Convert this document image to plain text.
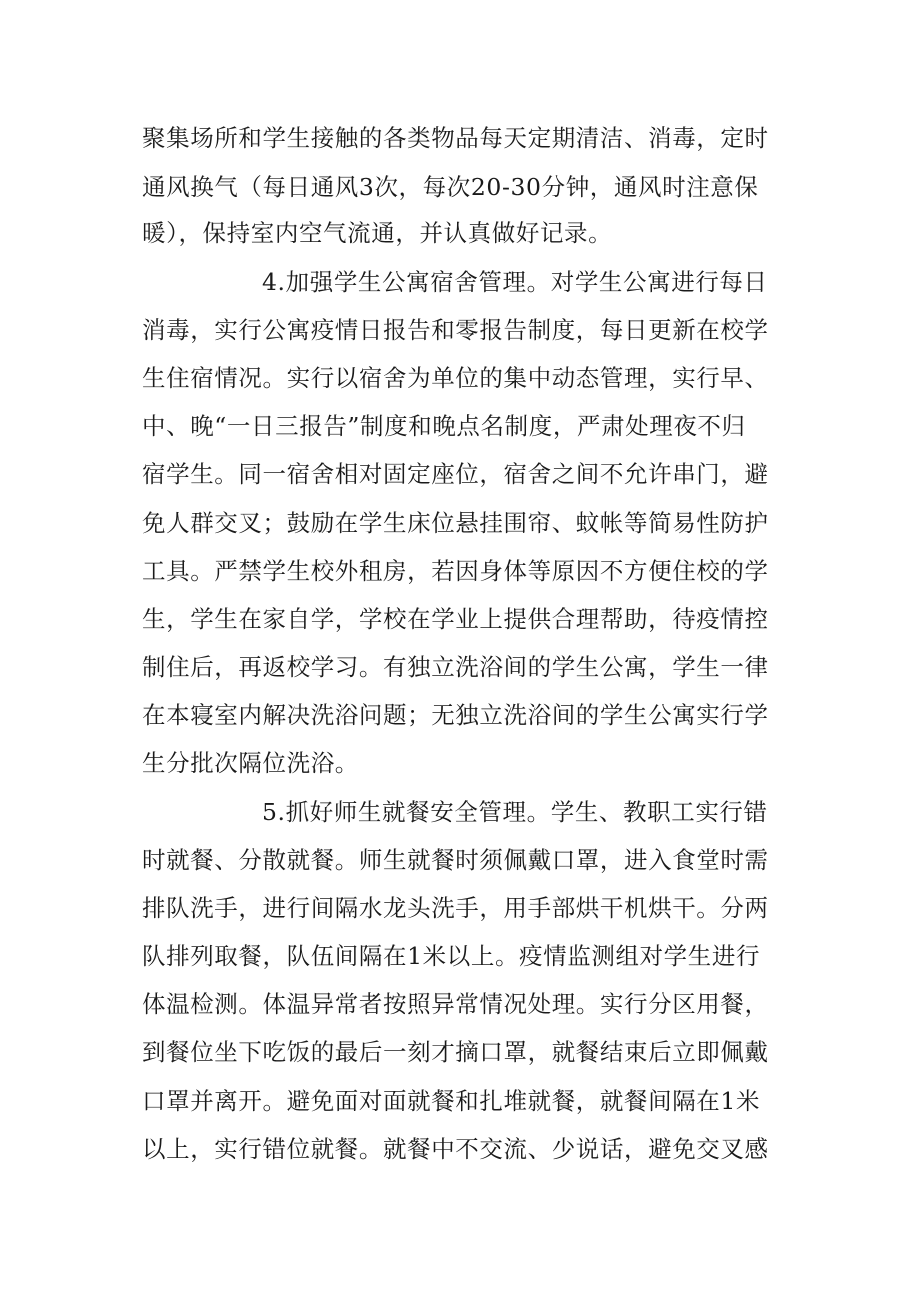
聚集场所和学生接触的各类物品每天定期清洁、消毒，定时
通风换气（每日通风3次，每次20-30分钟，通风时注意保
暖），保持室内空气流通，并认真做好记录。
4.加强学生公寓宿舍管理。对学生公寓进行每日
消毒，实行公寓疫情日报告和零报告制度，每日更新在校学
生住宿情况。实行以宿舍为单位的集中动态管理，实行早、
中、晚“一日三报告”制度和晚点名制度，严肃处理夜不归
宿学生。同一宿舍相对固定座位，宿舍之间不允许串门，避
免人群交叉；鼓励在学生床位悬挂围帘、蚊帐等简易性防护
工具。严禁学生校外租房，若因身体等原因不方便住校的学
生，学生在家自学，学校在学业上提供合理帮助，待疫情控
制住后，再返校学习。有独立洗浴间的学生公寓，学生一律
在本寝室内解决洗浴问题；无独立洗浴间的学生公寓实行学
生分批次隔位洗浴。
5.抓好师生就餐安全管理。学生、教职工实行错
时就餐、分散就餐。师生就餐时须佩戴口罩，进入食堂时需
排队洗手，进行间隔水龙头洗手，用手部烘干机烘干。分两
队排列取餐，队伍间隔在1米以上。疫情监测组对学生进行
体温检测。体温异常者按照异常情况处理。实行分区用餐，
到餐位坐下吃饭的最后一刻才摘口罩，就餐结束后立即佩戴
口罩并离开。避免面对面就餐和扎堆就餐，就餐间隔在1米
以上，实行错位就餐。就餐中不交流、少说话，避免交叉感
